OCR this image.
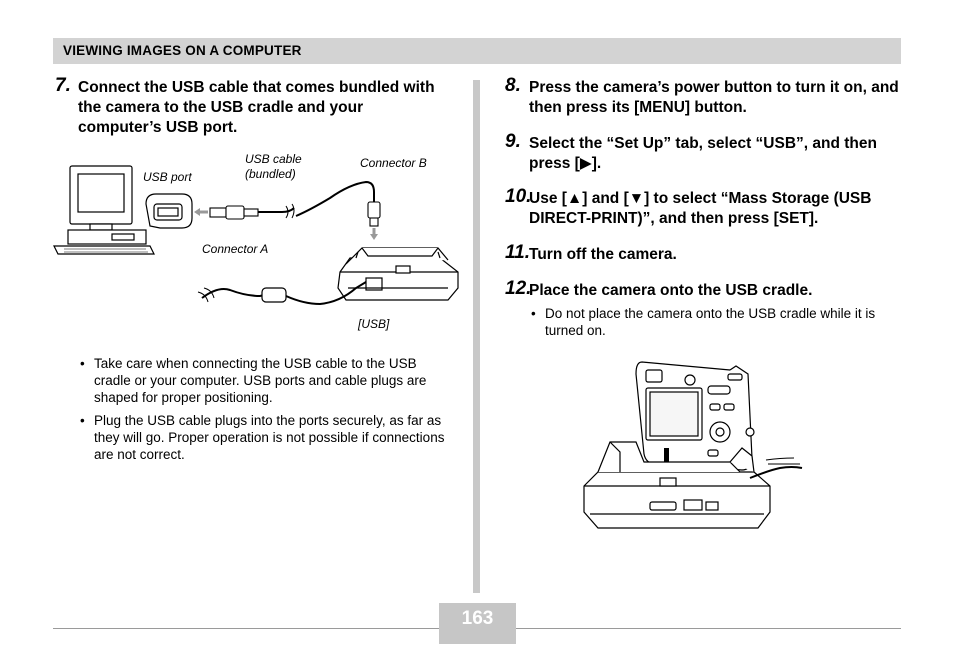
VIEWING IMAGES ON A COMPUTER
7. Connect the USB cable that comes bundled with the camera to the USB cradle and your computer’s USB port.
USB port
USB cable
(bundled)
Connector B
Connector A
[USB]
• Take care when connecting the USB cable to the USB cradle or your computer. USB ports and cable plugs are shaped for proper positioning.
• Plug the USB cable plugs into the ports securely, as far as they will go. Proper operation is not possible if connections are not correct.
8. Press the camera’s power button to turn it on, and then press its [MENU] button.
9. Select the “Set Up” tab, select “USB”, and then press [▶].
10.
Use [▲] and [▼] to select “Mass Storage (USB DIRECT-PRINT)”, and then press [SET].
11.
Turn off the camera.
12.
Place the camera onto the USB cradle.
• Do not place the camera onto the USB cradle while it is turned on.
163
